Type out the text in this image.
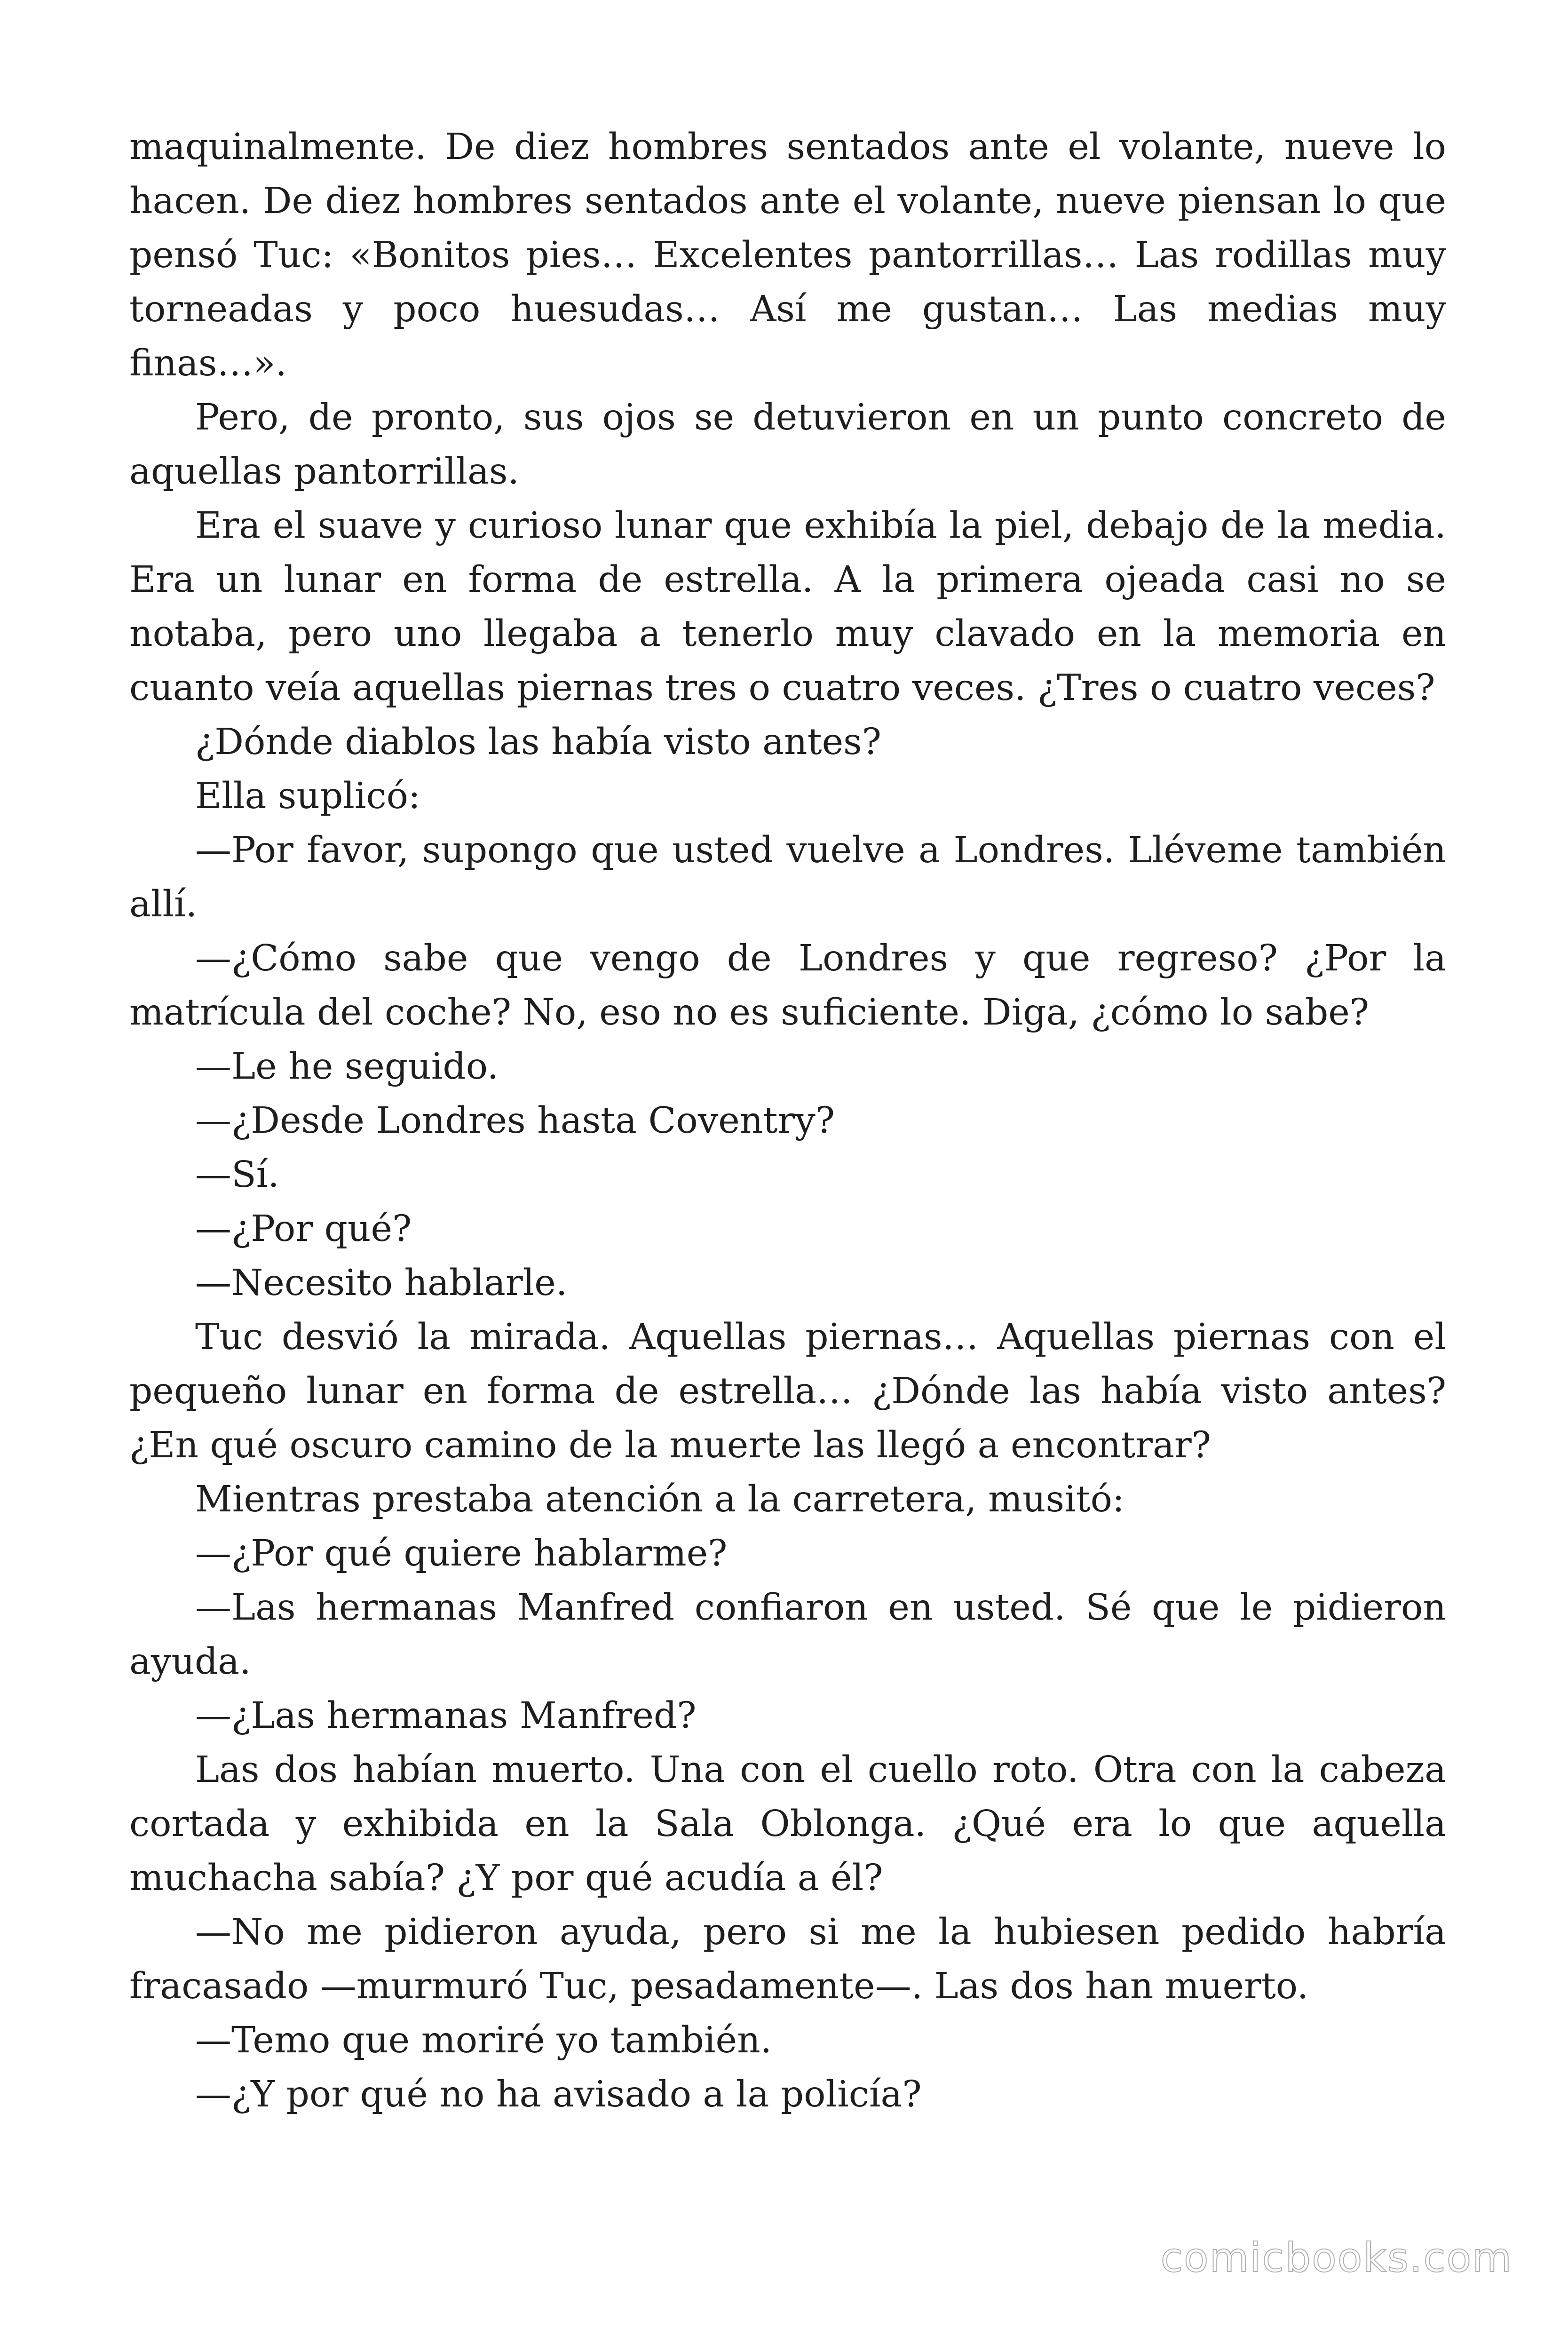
maquinalmente. De diez hombres sentados ante el volante, nueve lo hacen. De diez hombres sentados ante el volante, nueve piensan lo que pensó Tuc: «Bonitos pies… Excelentes pantorrillas… Las rodillas muy torneadas y poco huesudas… Así me gustan… Las medias muy finas…».

Pero, de pronto, sus ojos se detuvieron en un punto concreto de aquellas pantorrillas.

Era el suave y curioso lunar que exhibía la piel, debajo de la media. Era un lunar en forma de estrella. A la primera ojeada casi no se notaba, pero uno llegaba a tenerlo muy clavado en la memoria en cuanto veía aquellas piernas tres o cuatro veces. ¿Tres o cuatro veces?

¿Dónde diablos las había visto antes?

Ella suplicó:

—Por favor, supongo que usted vuelve a Londres. Lléveme también allí.

—¿Cómo sabe que vengo de Londres y que regreso? ¿Por la matrícula del coche? No, eso no es suficiente. Diga, ¿cómo lo sabe?

—Le he seguido.

—¿Desde Londres hasta Coventry?

—Sí.

—¿Por qué?

—Necesito hablarle.

Tuc desvió la mirada. Aquellas piernas… Aquellas piernas con el pequeño lunar en forma de estrella… ¿Dónde las había visto antes? ¿En qué oscuro camino de la muerte las llegó a encontrar?

Mientras prestaba atención a la carretera, musitó:

—¿Por qué quiere hablarme?

—Las hermanas Manfred confiaron en usted. Sé que le pidieron ayuda.

—¿Las hermanas Manfred?

Las dos habían muerto. Una con el cuello roto. Otra con la cabeza cortada y exhibida en la Sala Oblonga. ¿Qué era lo que aquella muchacha sabía? ¿Y por qué acudía a él?

—No me pidieron ayuda, pero si me la hubiesen pedido habría fracasado —murmuró Tuc, pesadamente—. Las dos han muerto.

—Temo que moriré yo también.

—¿Y por qué no ha avisado a la policía?

comicbooks.com
